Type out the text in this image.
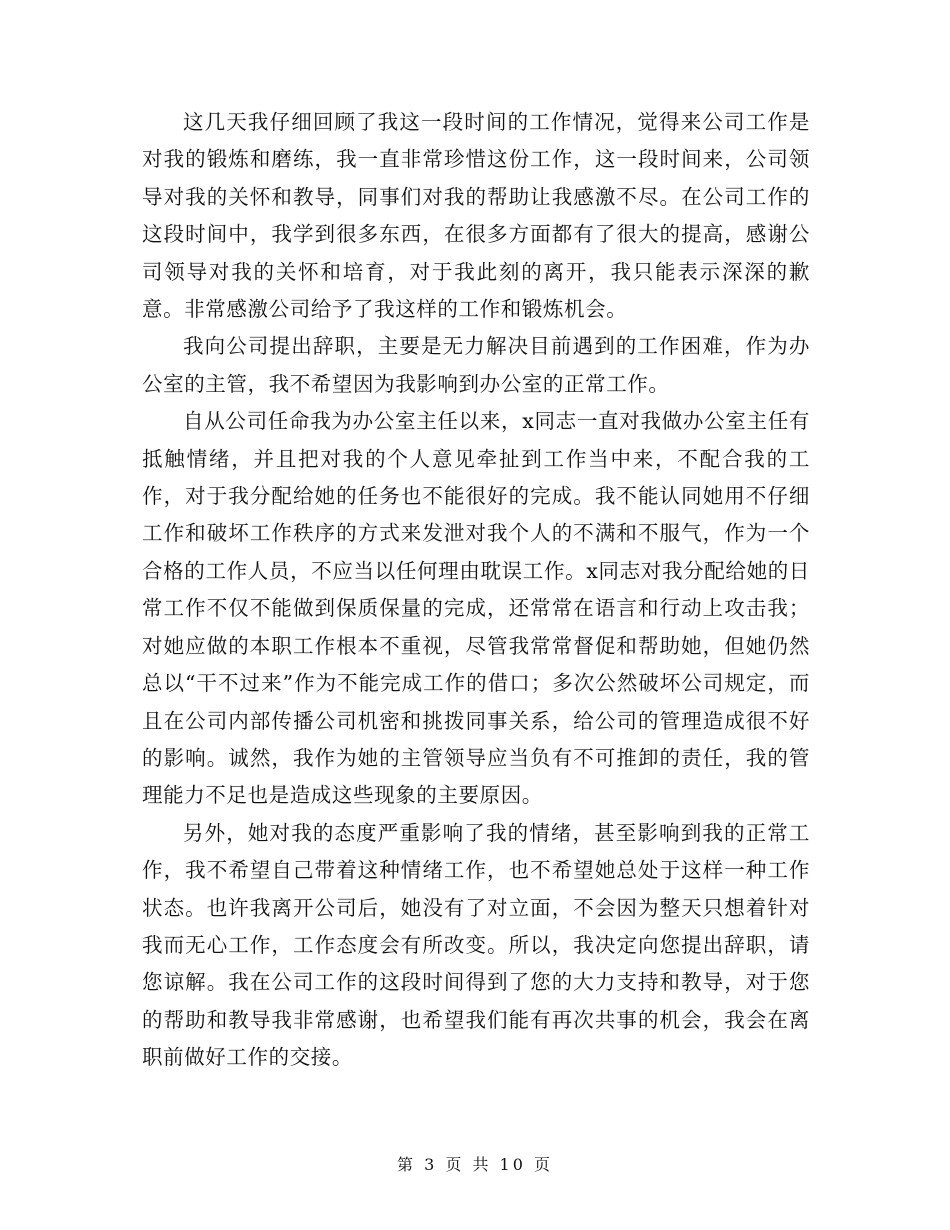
这几天我仔细回顾了我这一段时间的工作情况，觉得来公司工作是对我的锻炼和磨练，我一直非常珍惜这份工作，这一段时间来，公司领导对我的关怀和教导，同事们对我的帮助让我感激不尽。在公司工作的这段时间中，我学到很多东西，在很多方面都有了很大的提高，感谢公司领导对我的关怀和培育，对于我此刻的离开，我只能表示深深的歉意。非常感激公司给予了我这样的工作和锻炼机会。

我向公司提出辞职，主要是无力解决目前遇到的工作困难，作为办公室的主管，我不希望因为我影响到办公室的正常工作。

自从公司任命我为办公室主任以来，x同志一直对我做办公室主任有抵触情绪，并且把对我的个人意见牵扯到工作当中来，不配合我的工作，对于我分配给她的任务也不能很好的完成。我不能认同她用不仔细工作和破坏工作秩序的方式来发泄对我个人的不满和不服气，作为一个合格的工作人员，不应当以任何理由耽误工作。x同志对我分配给她的日常工作不仅不能做到保质保量的完成，还常常在语言和行动上攻击我；对她应做的本职工作根本不重视，尽管我常常督促和帮助她，但她仍然总以“干不过来”作为不能完成工作的借口；多次公然破坏公司规定，而且在公司内部传播公司机密和挑拨同事关系，给公司的管理造成很不好的影响。诚然，我作为她的主管领导应当负有不可推卸的责任，我的管理能力不足也是造成这些现象的主要原因。

另外，她对我的态度严重影响了我的情绪，甚至影响到我的正常工作，我不希望自己带着这种情绪工作，也不希望她总处于这样一种工作状态。也许我离开公司后，她没有了对立面，不会因为整天只想着针对我而无心工作，工作态度会有所改变。所以，我决定向您提出辞职，请您谅解。我在公司工作的这段时间得到了您的大力支持和教导，对于您的帮助和教导我非常感谢，也希望我们能有再次共事的机会，我会在离职前做好工作的交接。

第 3 页 共 10 页
